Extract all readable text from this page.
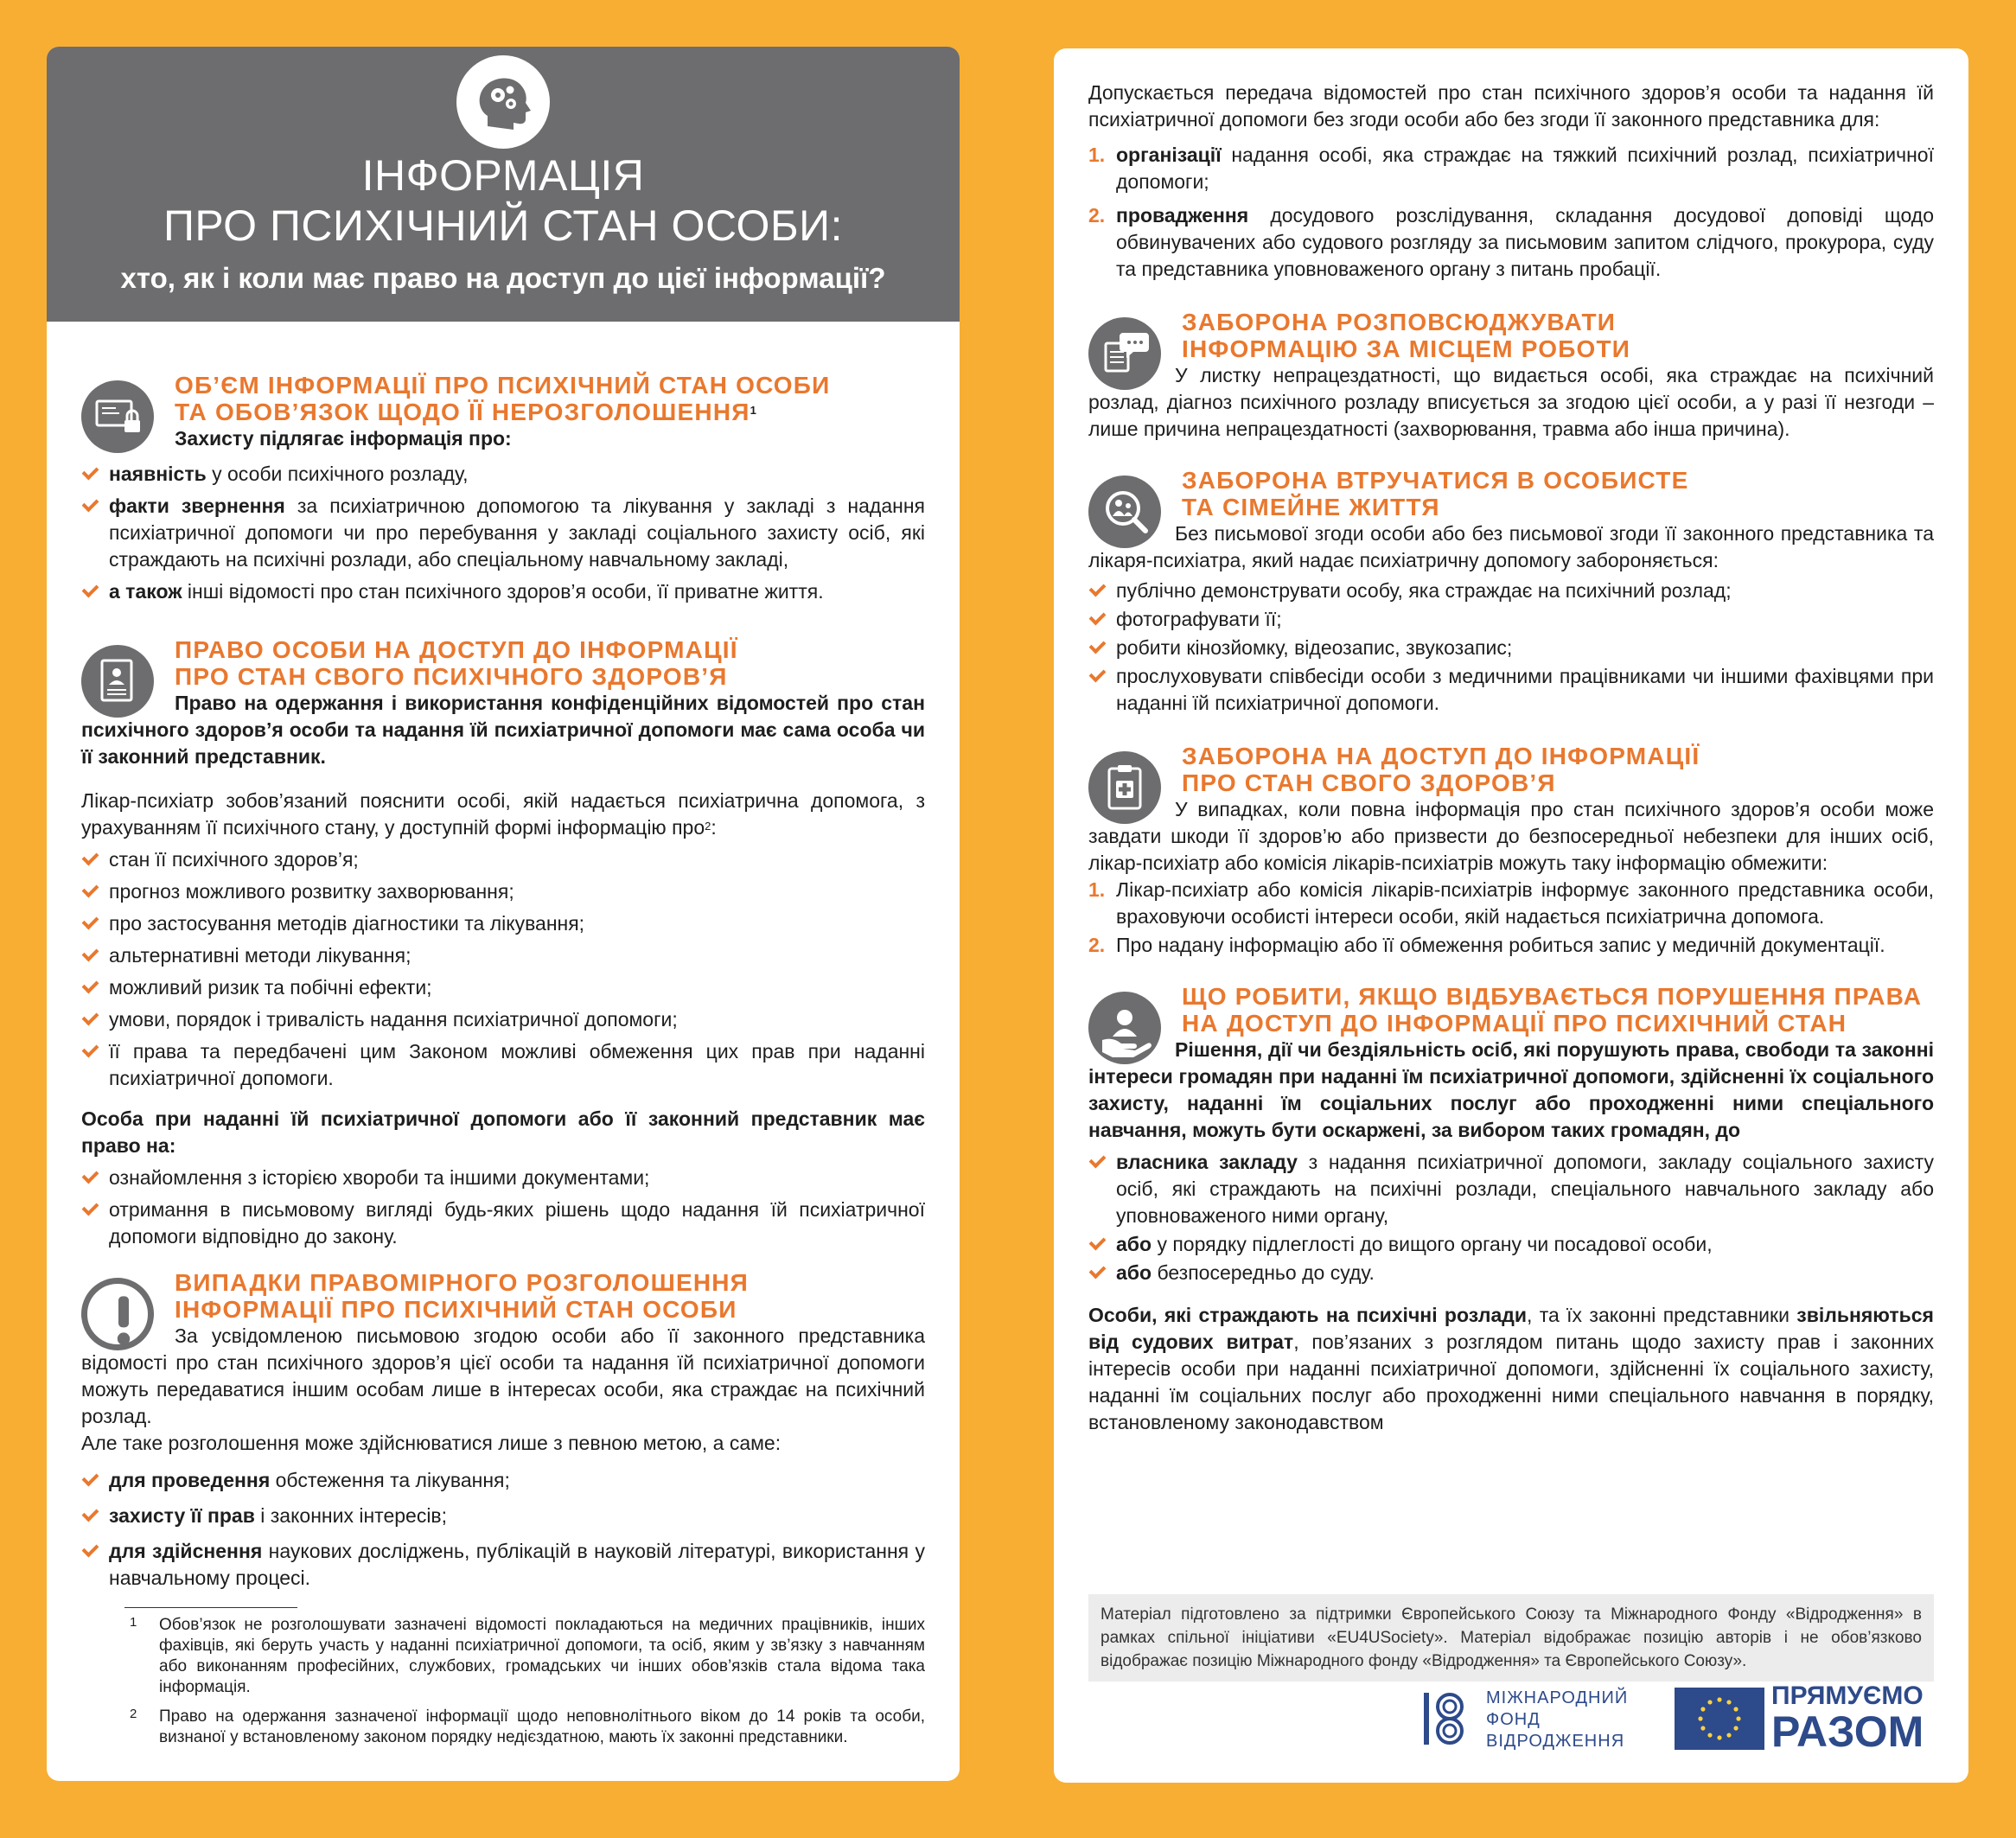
ІНФОРМАЦІЯ
ПРО ПСИХІЧНИЙ СТАН ОСОБИ:
хто, як і коли має право на доступ до цієї інформації?
ОБ’ЄМ ІНФОРМАЦІЇ ПРО ПСИХІЧНИЙ СТАН ОСОБИ
ТА ОБОВ’ЯЗОК ЩОДО ЇЇ НЕРОЗГОЛОШЕННЯ$^1$

Захисту підлягає інформація про:

наявність у особи психічного розладу,
факти звернення за психіатричною допомогою та лікування у закладі з надання психіатричної допомоги чи про перебування у закладі соціального захисту осіб, які страждають на психічні розлади, або спеціальному навчальному закладі,
а також інші відомості про стан психічного здоров’я особи, її приватне життя.
ПРАВО ОСОБИ НА ДОСТУП ДО ІНФОРМАЦІЇ
ПРО СТАН СВОГО ПСИХІЧНОГО ЗДОРОВ’Я

Право на одержання і використання конфіденційних відомостей про стан психічного здоров’я особи та надання їй психіатричної допомоги має сама особа чи її законний представник.

Лікар-психіатр зобов’язаний пояснити особі, якій надається психіатрична допомога, з урахуванням її психічного стану, у доступній формі інформацію про$^2$:

стан її психічного здоров’я;
прогноз можливого розвитку захворювання;
про застосування методів діагностики та лікування;
альтернативні методи лікування;
можливий ризик та побічні ефекти;
умови, порядок і тривалість надання психіатричної допомоги;
її права та передбачені цим Законом можливі обмеження цих прав при наданні психіатричної допомоги.

Особа при наданні їй психіатричної допомоги або її законний представник має право на:

ознайомлення з історією хвороби та іншими документами;
отримання в письмовому вигляді будь-яких рішень щодо надання їй психіатричної допомоги відповідно до закону.
ВИПАДКИ ПРАВОМІРНОГО РОЗГОЛОШЕННЯ
ІНФОРМАЦІЇ ПРО ПСИХІЧНИЙ СТАН ОСОБИ

За усвідомленою письмовою згодою особи або її законного представника відомості про стан психічного здоров’я цієї особи та надання їй психіатричної допомоги можуть передаватися іншим особам лише в інтересах особи, яка страждає на психічний розлад.

Але таке розголошення може здійснюватися лише з певною метою, а саме:

для проведення обстеження та лікування;
захисту її прав і законних інтересів;
для здійснення наукових досліджень, публікацій в науковій літературі, використання у навчальному процесі.
1 Обов’язок не розголошувати зазначені відомості покладаються на медичних працівників, інших фахівців, які беруть участь у наданні психіатричної допомоги, та осіб, яким у зв’язку з навчанням або виконанням професійних, службових, громадських чи інших обов’язків стала відома така інформація.
2 Право на одержання зазначеної інформації щодо неповнолітнього віком до 14 років та особи, визнаної у встановленому законом порядку недієздатною, мають їх законні представники.

Допускається передача відомостей про стан психічного здоров’я особи та надання їй психіатричної допомоги без згоди особи або без згоди її законного представника для:

1. організації надання особі, яка страждає на тяжкий психічний розлад, психіатричної допомоги;
2. провадження досудового розслідування, складання досудової доповіді щодо обвинувачених або судового розгляду за письмовим запитом слідчого, прокурора, суду та представника уповноваженого органу з питань пробації.
ЗАБОРОНА РОЗПОВСЮДЖУВАТИ
ІНФОРМАЦІЮ ЗА МІСЦЕМ РОБОТИ

У листку непрацездатності, що видається особі, яка страждає на психічний розлад, діагноз психічного розладу вписується за згодою цієї особи, а у разі її незгоди – лише причина непрацездатності (захворювання, травма або інша причина).

ЗАБОРОНА ВТРУЧАТИСЯ В ОСОБИСТЕ
ТА СІМЕЙНЕ ЖИТТЯ

Без письмової згоди особи або без письмової згоди її законного представника та лікаря-психіатра, який надає психіатричну допомогу забороняється:

публічно демонструвати особу, яка страждає на психічний розлад;
фотографувати її;
робити кінозйомку, відеозапис, звукозапис;
прослуховувати співбесіди особи з медичними працівниками чи іншими фахівцями при наданні їй психіатричної допомоги.
ЗАБОРОНА НА ДОСТУП ДО ІНФОРМАЦІЇ
ПРО СТАН СВОГО ЗДОРОВ’Я

У випадках, коли повна інформація про стан психічного здоров’я особи може завдати шкоди її здоров’ю або призвести до безпосередньої небезпеки для інших осіб, лікар-психіатр або комісія лікарів-психіатрів можуть таку інформацію обмежити:

1. Лікар-психіатр або комісія лікарів-психіатрів інформує законного представника особи, враховуючи особисті інтереси особи, якій надається психіатрична допомога.
2. Про надану інформацію або її обмеження робиться запис у медичній документації.
ЩО РОБИТИ, ЯКЩО ВІДБУВАЄТЬСЯ ПОРУШЕННЯ ПРАВА
НА ДОСТУП ДО ІНФОРМАЦІЇ ПРО ПСИХІЧНИЙ СТАН

Рішення, дії чи бездіяльність осіб, які порушують права, свободи та законні інтереси громадян при наданні їм психіатричної допомоги, здійсненні їх соціального захисту, наданні їм соціальних послуг або проходженні ними спеціального навчання, можуть бути оскаржені, за вибором таких громадян, до

власника закладу з надання психіатричної допомоги, закладу соціального захисту осіб, які страждають на психічні розлади, спеціального навчального закладу або уповноваженого ними органу,
або у порядку підлеглості до вищого органу чи посадової особи,
або безпосередньо до суду.

Особи, які страждають на психічні розлади, та їх законні представники звільняються від судових витрат, пов’язаних з розглядом питань щодо захисту прав і законних інтересів особи при наданні психіатричної допомоги, здійсненні їх соціального захисту, наданні їм соціальних послуг або проходженні ними спеціального навчання в порядку, встановленому законодавством

Матеріал підготовлено за підтримки Європейського Союзу та Міжнародного Фонду «Відродження» в рамках спільної ініціативи «EU4USociety». Матеріал відображає позицію авторів і не обов’язково відображає позицію Міжнародного фонду «Відродження» та Європейського Союзу».
МІЖНАРОДНИЙ
ФОНД
ВІДРОДЖЕННЯ
ПРЯМУЄМО
РАЗОМ
